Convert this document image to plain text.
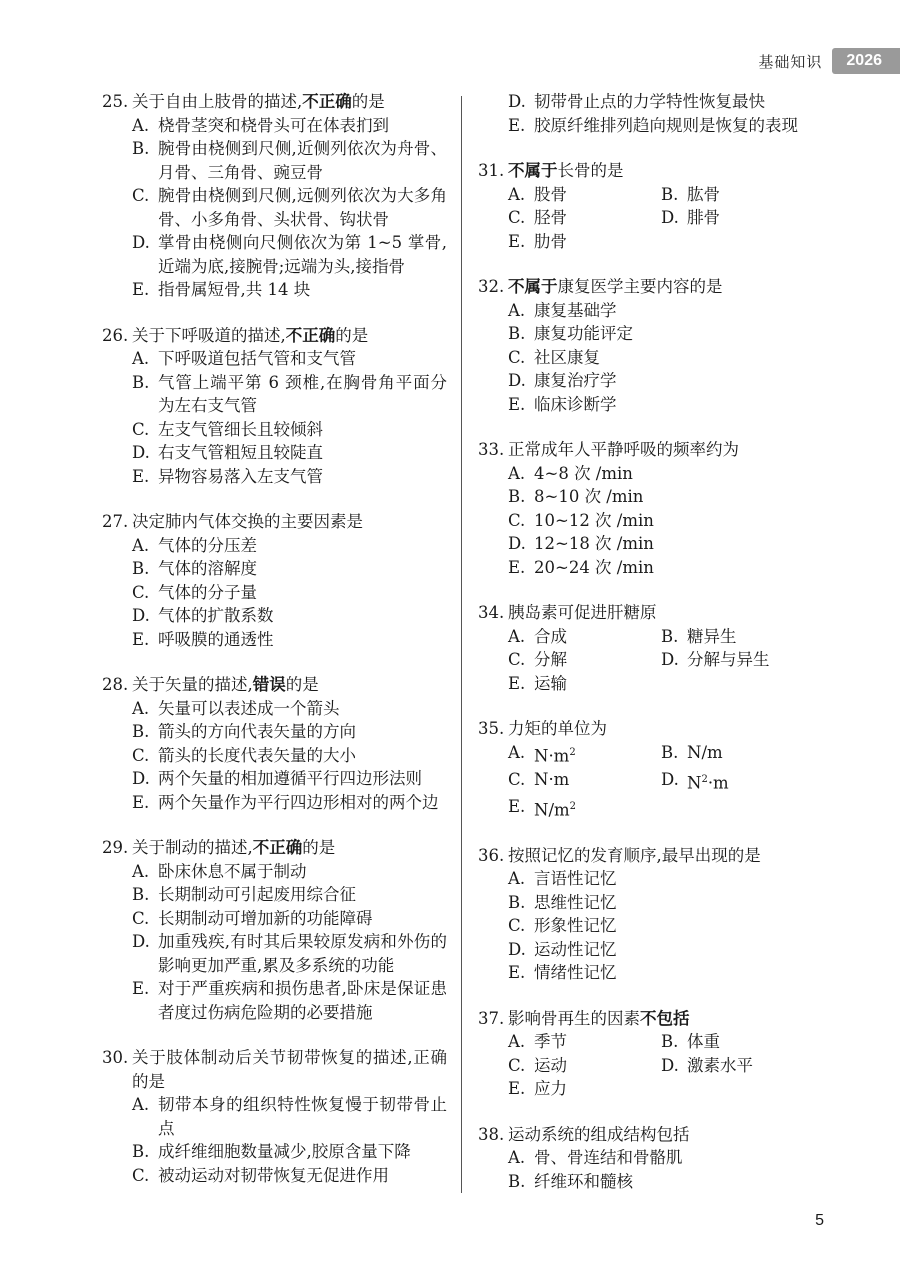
基础知识	2026
25. 关于自由上肢骨的描述,不正确的是
A. 桡骨茎突和桡骨头可在体表扪到
B. 腕骨由桡侧到尺侧,近侧列依次为舟骨、月骨、三角骨、豌豆骨
C. 腕骨由桡侧到尺侧,远侧列依次为大多角骨、小多角骨、头状骨、钩状骨
D. 掌骨由桡侧向尺侧依次为第 1~5 掌骨,近端为底,接腕骨;远端为头,接指骨
E. 指骨属短骨,共 14 块
26. 关于下呼吸道的描述,不正确的是
A. 下呼吸道包括气管和支气管
B. 气管上端平第 6 颈椎,在胸骨角平面分为左右支气管
C. 左支气管细长且较倾斜
D. 右支气管粗短且较陡直
E. 异物容易落入左支气管
27. 决定肺内气体交换的主要因素是
A. 气体的分压差
B. 气体的溶解度
C. 气体的分子量
D. 气体的扩散系数
E. 呼吸膜的通透性
28. 关于矢量的描述,错误的是
A. 矢量可以表述成一个箭头
B. 箭头的方向代表矢量的方向
C. 箭头的长度代表矢量的大小
D. 两个矢量的相加遵循平行四边形法则
E. 两个矢量作为平行四边形相对的两个边
29. 关于制动的描述,不正确的是
A. 卧床休息不属于制动
B. 长期制动可引起废用综合征
C. 长期制动可增加新的功能障碍
D. 加重残疾,有时其后果较原发病和外伤的影响更加严重,累及多系统的功能
E. 对于严重疾病和损伤患者,卧床是保证患者度过伤病危险期的必要措施
30. 关于肢体制动后关节韧带恢复的描述,正确的是
A. 韧带本身的组织特性恢复慢于韧带骨止点
B. 成纤维细胞数量减少,胶原含量下降
C. 被动运动对韧带恢复无促进作用
D. 韧带骨止点的力学特性恢复最快
E. 胶原纤维排列趋向规则是恢复的表现
31. 不属于长骨的是
A. 股骨	B. 肱骨
C. 胫骨	D. 腓骨
E. 肋骨
32. 不属于康复医学主要内容的是
A. 康复基础学
B. 康复功能评定
C. 社区康复
D. 康复治疗学
E. 临床诊断学
33. 正常成年人平静呼吸的频率约为
A. 4~8 次 /min
B. 8~10 次 /min
C. 10~12 次 /min
D. 12~18 次 /min
E. 20~24 次 /min
34. 胰岛素可促进肝糖原
A. 合成	B. 糖异生
C. 分解	D. 分解与异生
E. 运输
35. 力矩的单位为
A. $N\cdot m^2$	B. N/m
C. N·m	D. $N^2\cdot m$
E. $N/m^2$
36. 按照记忆的发育顺序,最早出现的是
A. 言语性记忆
B. 思维性记忆
C. 形象性记忆
D. 运动性记忆
E. 情绪性记忆
37. 影响骨再生的因素不包括
A. 季节	B. 体重
C. 运动	D. 激素水平
E. 应力
38. 运动系统的组成结构包括
A. 骨、骨连结和骨骼肌
B. 纤维环和髓核
5
